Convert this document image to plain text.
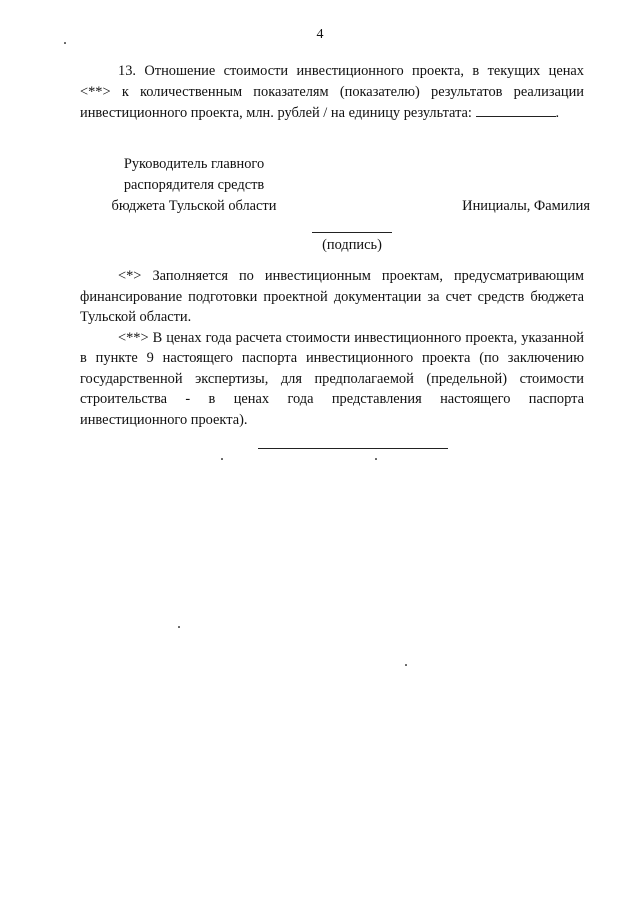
4
13. Отношение стоимости инвестиционного проекта, в текущих ценах <**> к количественным показателям (показателю) результатов реализации инвестиционного проекта, млн. рублей / на единицу результата:	.
Руководитель главного распорядителя средств бюджета Тульской области	Инициалы, Фамилия
(подпись)

<*> Заполняется по инвестиционным проектам, предусматривающим финансирование подготовки проектной документации за счет средств бюджета Тульской области.

<**> В ценах года расчета стоимости инвестиционного проекта, указанной в пункте 9 настоящего паспорта инвестиционного проекта (по заключению государственной экспертизы, для предполагаемой (предельной) стоимости строительства - в ценах года представления настоящего паспорта инвестиционного проекта).
